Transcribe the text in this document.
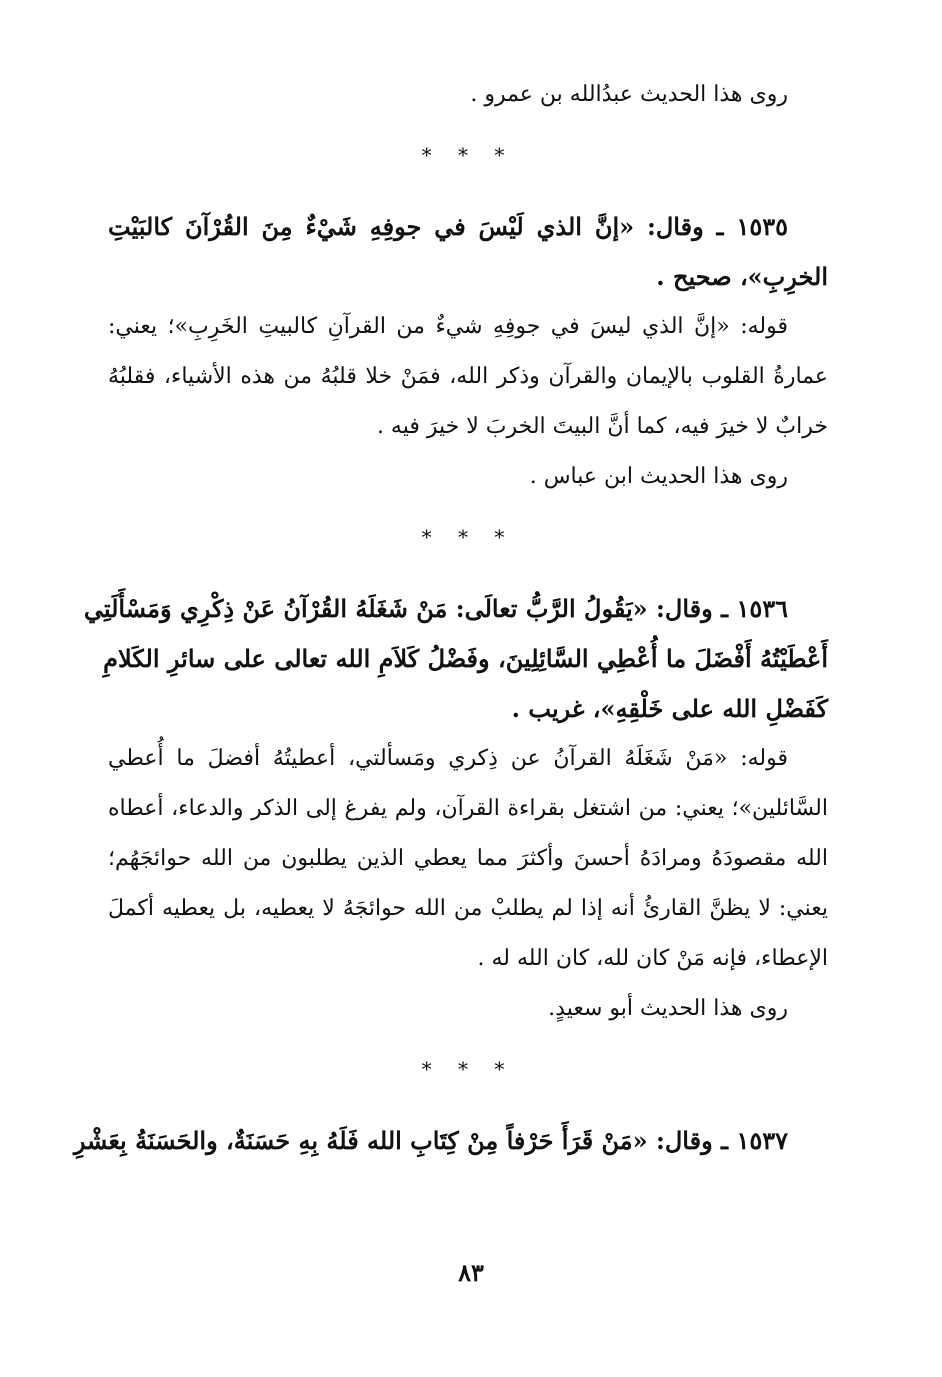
روى هذا الحديث عبدُالله بن عمرو .
* * *
١٥٣٥ ـ وقال: «إنَّ الذي لَيْسَ في جوفِهِ شَيْءٌ مِنَ القُرْآنَ كالبَيْتِ
الخرِبِ»، صحيح .
قوله: «إنَّ الذي ليسَ في جوفِهِ شيءٌ من القرآنِ كالبيتِ الخَرِبِ»؛ يعني:
عمارةُ القلوب بالإيمان والقرآن وذكر الله، فمَنْ خلا قلبُهُ من هذه الأشياء، فقلبُهُ
خرابٌ لا خيرَ فيه، كما أنَّ البيتَ الخربَ لا خيرَ فيه .
روى هذا الحديث ابن عباس .
* * *
١٥٣٦ ـ وقال: «يَقُولُ الرَّبُّ تعالَى: مَنْ شَغَلَهُ القُرْآنُ عَنْ ذِكْرِي وَمَسْأَلَتِي
أَعْطَيْتُهُ أَفْضَلَ ما أُعْطِي السَّائِلِينَ، وفَضْلُ كَلاَمِ الله تعالى على سائرِ الكَلامِ
كَفَضْلِ الله على خَلْقِهِ»، غريب .
قوله: «مَنْ شَغَلَهُ القرآنُ عن ذِكري ومَسألتي، أعطيتُهُ أفضلَ ما أُعطي
السَّائلين»؛ يعني: من اشتغل بقراءة القرآن، ولم يفرغ إلى الذكر والدعاء، أعطاه
الله مقصودَهُ ومرادَهُ أحسنَ وأكثرَ مما يعطي الذين يطلبون من الله حوائجَهُم؛
يعني: لا يظنَّ القارئُ أنه إذا لم يطلبْ من الله حوائجَهُ لا يعطيه، بل يعطيه أكملَ
الإعطاء، فإنه مَنْ كان لله، كان الله له .
روى هذا الحديث أبو سعيدٍ.
* * *
١٥٣٧ ـ وقال: «مَنْ قَرَأَ حَرْفاً مِنْ كِتَابِ الله فَلَهُ بِهِ حَسَنَةٌ، والحَسَنَةُ بِعَشْرِ
٨٣
